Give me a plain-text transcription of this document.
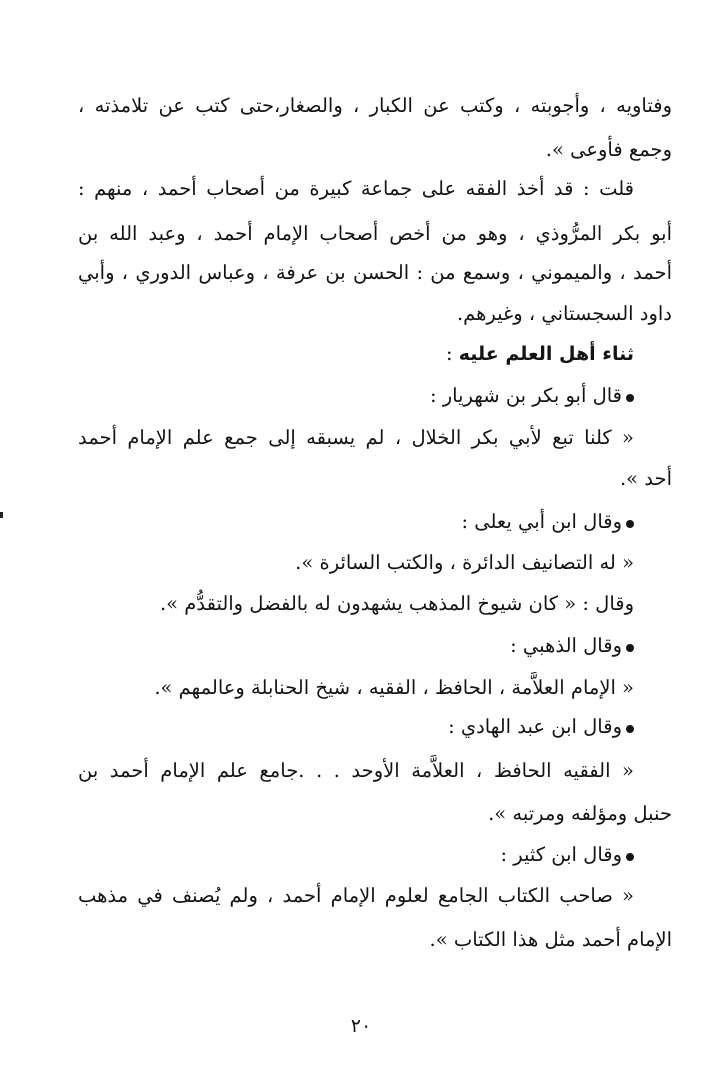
وفتاويه ، وأجوبته ، وكتب عن الكبار ، والصغار،حتى كتب عن تلامذته ،
وجمع فأوعى ».
قلت : قد أخذ الفقه على جماعة كبيرة من أصحاب أحمد ، منهم :
أبو بكر المرُّوذي ، وهو من أخص أصحاب الإمام أحمد ، وعبد الله بن
أحمد ، والميموني ، وسمع من : الحسن بن عرفة ، وعباس الدوري ، وأبي
داود السجستاني ، وغيرهم.
ثناء أهل العلم عليه :
قال أبو بكر بن شهريار :
« كلنا تبع لأبي بكر الخلال ، لم يسبقه إلى جمع علم الإمام أحمد
أحد ».
وقال ابن أبي يعلى :
« له التصانيف الدائرة ، والكتب السائرة ».
وقال : « كان شيوخ المذهب يشهدون له بالفضل والتقدُّم ».
وقال الذهبي :
« الإمام العلاَّمة ، الحافظ ، الفقيه ، شيخ الحنابلة وعالمهم ».
وقال ابن عبد الهادي :
« الفقيه الحافظ ، العلاَّمة الأوحد . . .جامع علم الإمام أحمد بن
حنبل ومؤلفه ومرتبه ».
وقال ابن كثير :
« صاحب الكتاب الجامع لعلوم الإمام أحمد ، ولم يُصنف في مذهب
الإمام أحمد مثل هذا الكتاب ».
٢٠
